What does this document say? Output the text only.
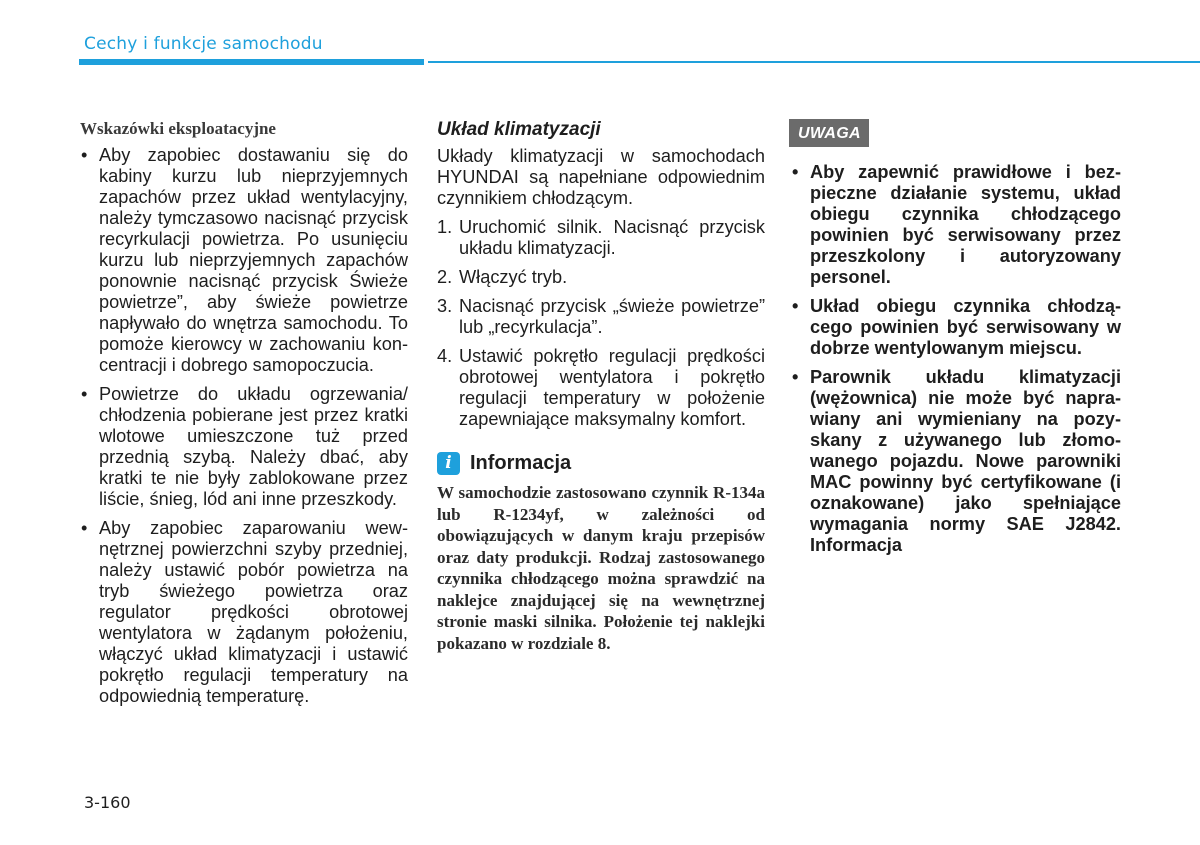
Cechy i funkcje samochodu
Wskazówki eksploatacyjne
• Aby zapobiec dostawaniu się do kabiny kurzu lub nieprzyjemnych zapachów przez układ wentylacyjny, należy tymczasowo nacisnąć przycisk recyrkulacji powietrza. Po usunięciu kurzu lub nieprzyjemnych zapachów ponownie nacisnąć przycisk Świeże powietrze”, aby świeże powietrze napływało do wnętrza samochodu. To pomoże kierowcy w zachowaniu koncentracji i dobrego samopoczucia.
• Powietrze do układu ogrzewania/ chłodzenia pobierane jest przez kratki wlotowe umieszczone tuż przed przednią szybą. Należy dbać, aby kratki te nie były zablokowane przez liście, śnieg, lód ani inne przeszkody.
• Aby zapobiec zaparowaniu wewnętrznej powierzchni szyby przedniej, należy ustawić pobór powietrza na tryb świeżego powietrza oraz regulator prędkości obrotowej wentylatora w żądanym położeniu, włączyć układ klimatyzacji i ustawić pokrętło regulacji temperatury na odpowiednią temperaturę.
Układ klimatyzacji

Układy klimatyzacji w samochodach HYUNDAI są napełniane odpowiednim czynnikiem chłodzącym.

1. Uruchomić silnik. Nacisnąć przycisk układu klimatyzacji.
2. Włączyć tryb.
3. Nacisnąć przycisk „świeże powietrze” lub „recyrkulacja”.
4. Ustawić pokrętło regulacji prędkości obrotowej wentylatora i pokrętło regulacji temperatury w położenie zapewniające maksymalny komfort.
i Informacja
W samochodzie zastosowano czynnik R-134a lub R-1234yf, w zależności od obowiązujących w danym kraju przepisów oraz daty produkcji. Rodzaj zastosowanego czynnika chłodzącego można sprawdzić na naklejce znajdującej się na wewnętrznej stronie maski silnika. Położenie tej naklejki pokazano w rozdziale 8.
UWAGA
• Aby zapewnić prawidłowe i bezpieczne działanie systemu, układ obiegu czynnika chłodzącego powinien być serwisowany przez przeszkolony i autoryzowany personel.
• Układ obiegu czynnika chłodzącego powinien być serwisowany w dobrze wentylowanym miejscu.
• Parownik układu klimatyzacji (wężownica) nie może być naprawiany ani wymieniany na pozyskany z używanego lub złomowanego pojazdu. Nowe parowniki MAC powinny być certyfikowane (i oznakowane) jako spełniające wymagania normy SAE J2842. Informacja
3-160
